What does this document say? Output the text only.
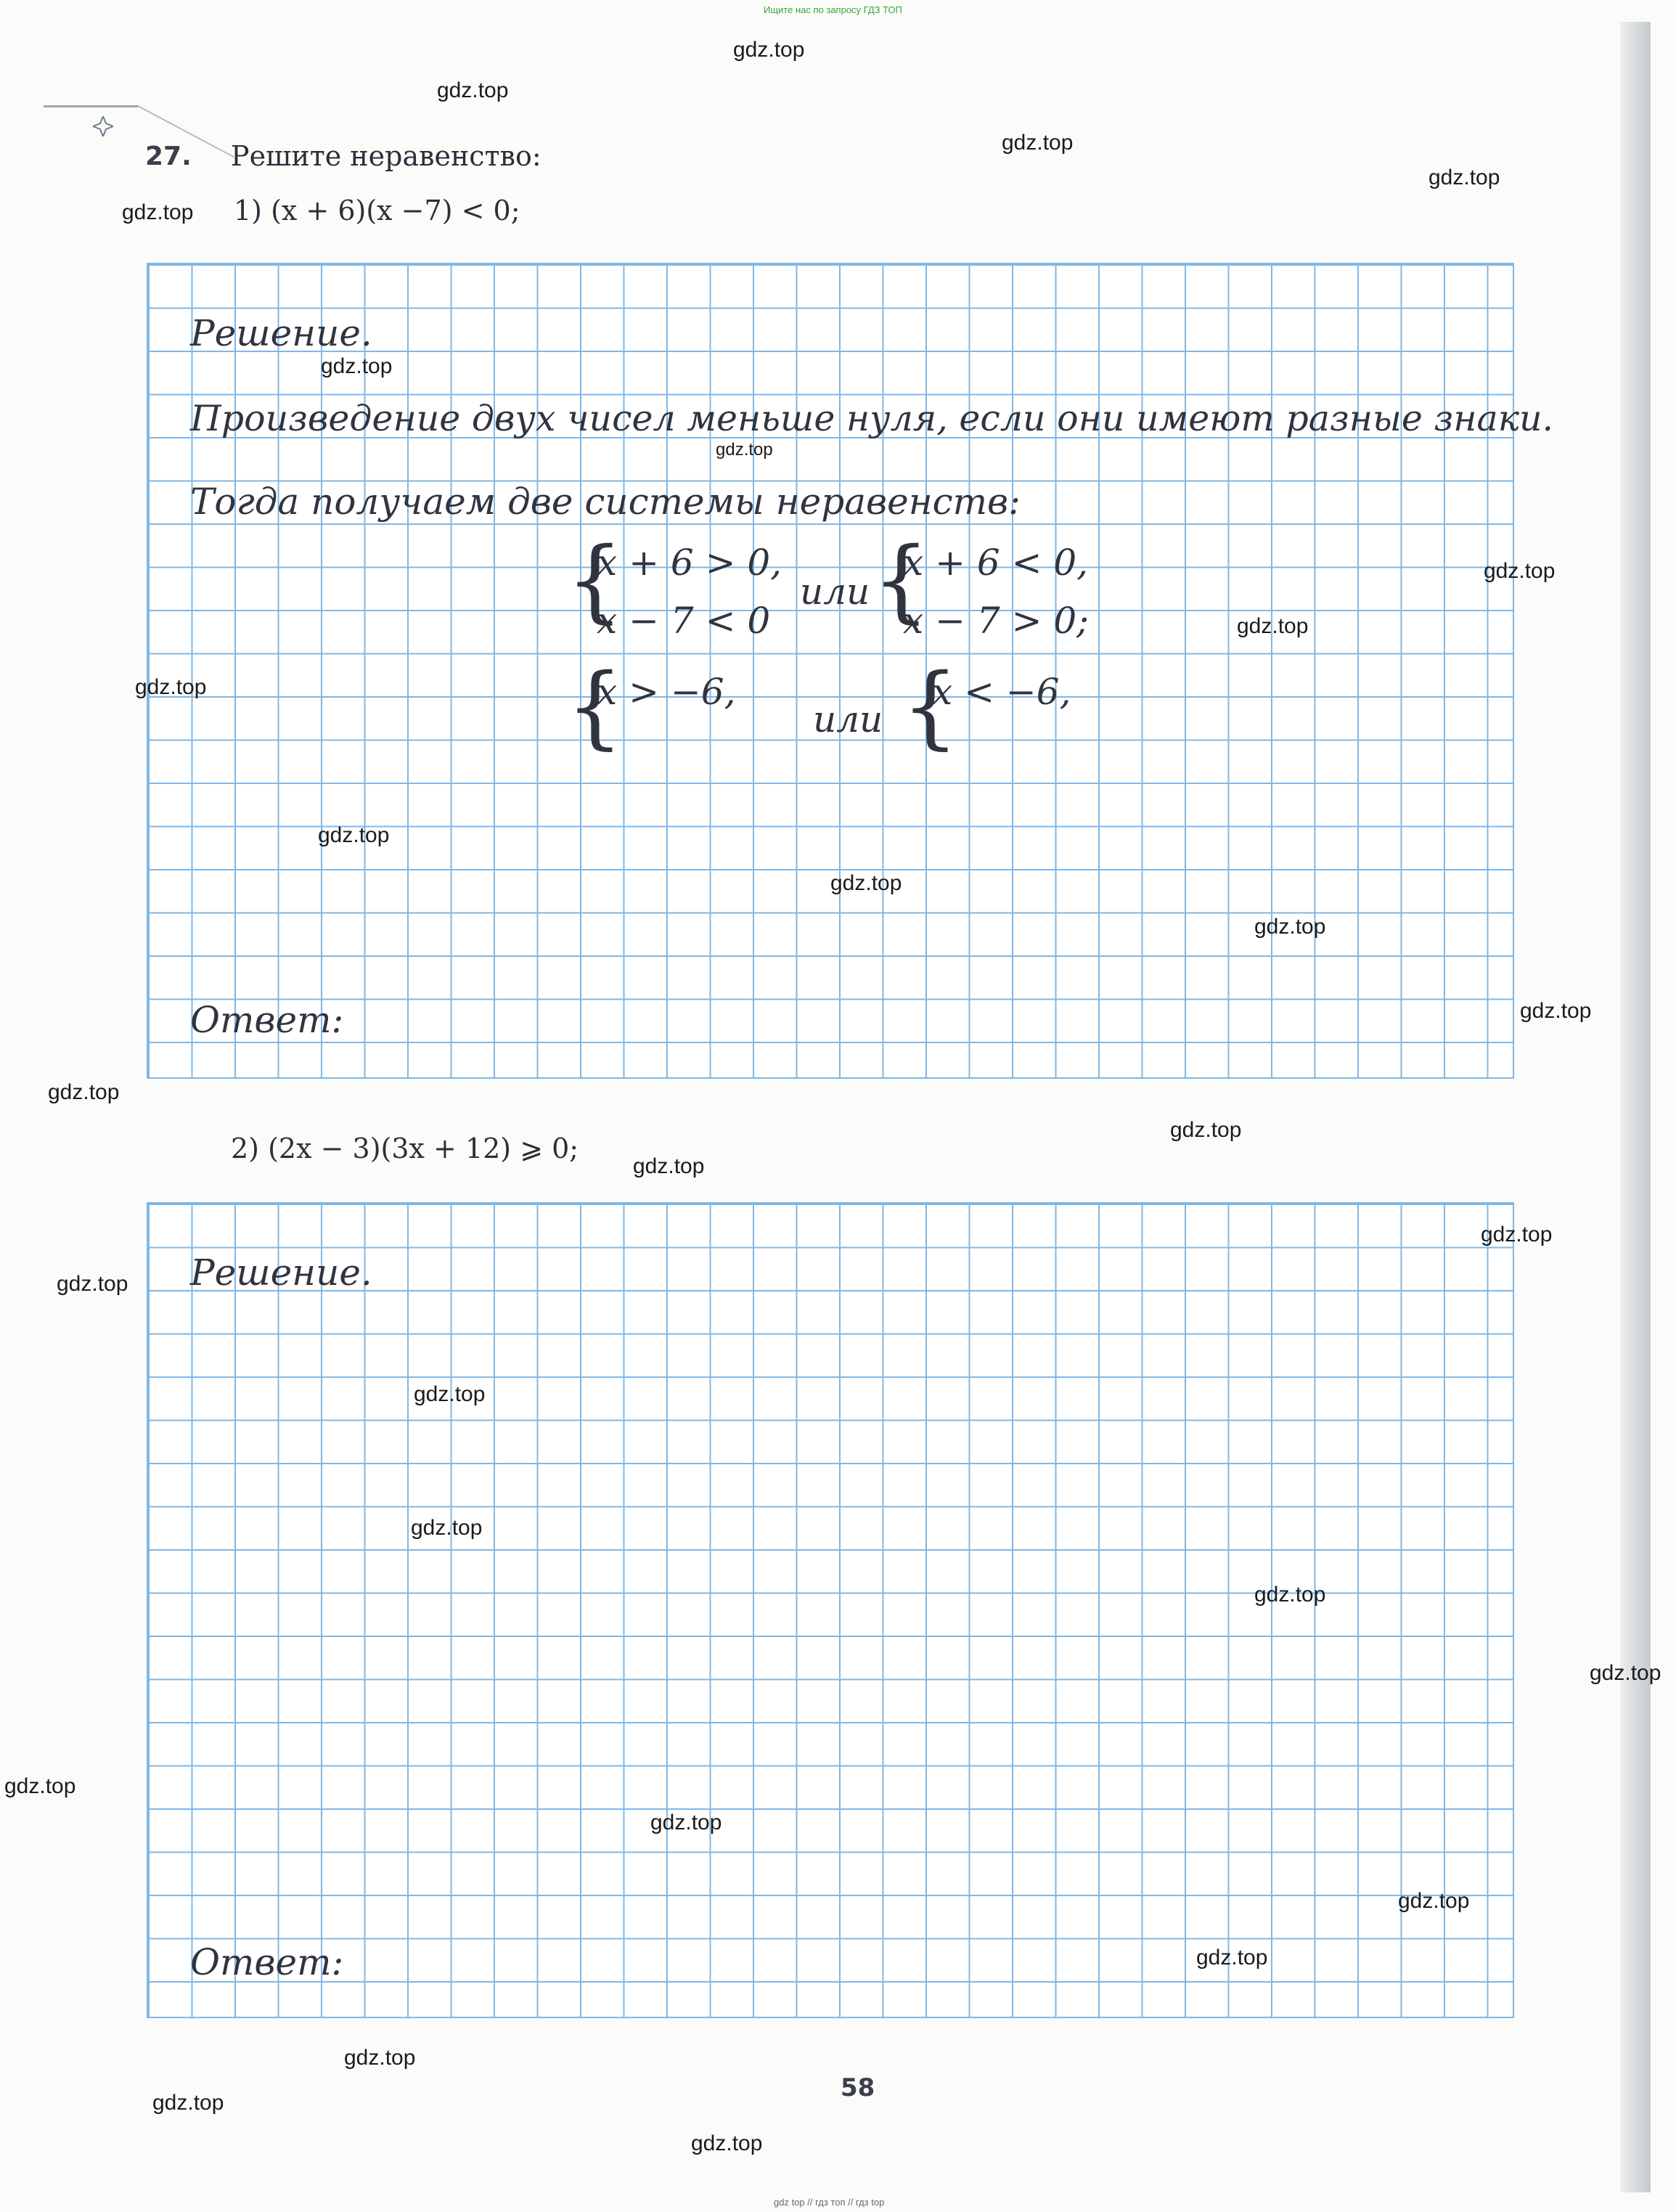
Ищите нас по запросу ГДЗ ТОП
27. Решите неравенство:
1) (x + 6)(x −7) < 0;
Решение.
Произведение двух чисел меньше нуля, если они имеют разные знаки.
Тогда получаем две системы неравенств:
{
x + 6 > 0,
x − 7 < 0
или {
x + 6 < 0,
x − 7 > 0;
{
x > −6,
или {
x < −6,
Ответ:
2) (2x − 3)(3x + 12) ⩾ 0;
Решение.
Ответ:
58
gdz top // гдз топ // гдз top
gdz.top
gdz.top
gdz.top
gdz.top
gdz.top
gdz.top
gdz.top
gdz.top
gdz.top
gdz.top
gdz.top
gdz.top
gdz.top
gdz.top
gdz.top
gdz.top
gdz.top
gdz.top
gdz.top
gdz.top
gdz.top
gdz.top
gdz.top
gdz.top
gdz.top
gdz.top
gdz.top
gdz.top
gdz.top
gdz.top
